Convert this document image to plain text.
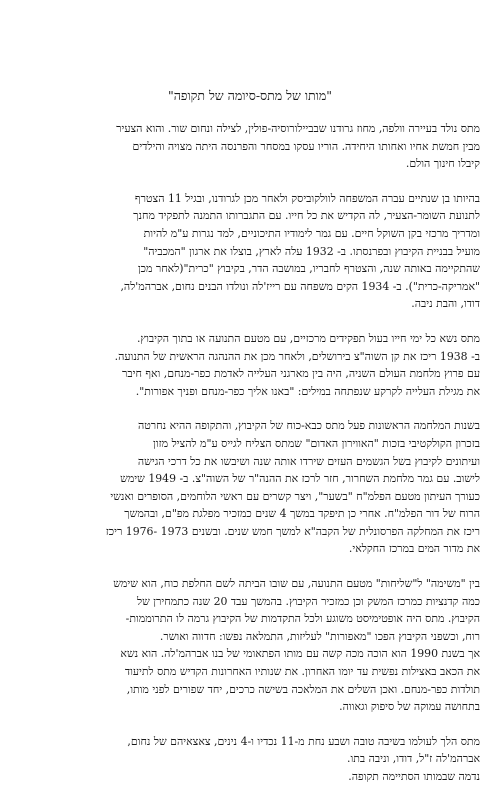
"מותו של מתס-סיומה של תקופה"
מתס נולד בעיירה וולפה, מחוז גרודנו שבביילורוסיה-פולין, לצילה ונחום שור. והוא הצעיר
מבין חמשת אחיו ואחותו היחידה. הוריו עסקו במסחר והפרנסה היתה מצויה והילדים
קיבלו חינוך הולם.
בהיותו בן שנתיים עברה המשפחה לוולקוביסק ולאחר מכן לגרודנו, ובגיל 11 הצטרף
לתנועת השומר-הצעיר, לה הקדיש את כל חייו. עם התגברותו התמנה לתפקיד מחנך
ומדריך מרכזי בקן השוקל חיים. עם גמר לימודיו התיכוניים, למד נגרות ע"מ להיות
מועיל בבניית הקיבוץ ובפרנסתו. ב- 1932 עלה לארץ, בוצלו את ארגון "המכביה"
שהתקיימה באותה שנה, והצטרף לחבריו, במושבה הדר, בקיבוץ "כרית"(לאחר מכן
"אמריקה-כרית"). ב- 1934 הקים משפחה עם רייז'לה ונולדו הבנים נחום, אברהמ'לה,
דודו, והבת ניבה.
מתס נשא כל ימי חייו בעול תפקידים מרכזיים, עם מטעם התנועה או בתוך הקיבוץ.
ב- 1938 ריכז את קן השוה"צ בירושלים, ולאחר מכן את ההנהגה הראשית של התנועה.
עם פרוץ מלחמת העולם השניה, היה בין מארגני העלייה לאדמת כפר-מנחם, ואף חיבר
את מגילת העלייה לקרקע שנפתחה במילים: "באנו אליך כפר-מנחם ופניך אפורות".
בשנות המלחמה הראשונות פעל מתס כבא-כוח של הקיבוץ, והתקופה ההיא נחרטה
בזכרון הקולקטיבי בזכות "האווירון האדום" שמתס הצליח לגייס ע"מ להציל מזון
ועיתונים לקיבוץ בשל הגשמים העזים שירדו אותה שנה ושיבשו את כל דרכי הגישה
לישוב. עם גמר מלחמת השחרור, חזר לרכז את ההנה"ר של השוה"צ. ב- 1949 שימש
כעורך העיתון מטעם הפלמ"ח "בשער", ויצר קשרים עם ראשי הלוחמים, הסופרים ואנשי
הרוח של דור הפלמ"ח. אחרי כן תיפקד במשך 4 שנים כמזכיר מפלגת מפ"ם, ובהמשך
ריכז את המחלקה הפרסונלית של הקבה"א למשך חמש שנים. ובשנים 1973 -1976 ריכז
את מדור המים במרכז החקלאי.
בין "משימה" ל"שליחות" מטעם התנועה, עם שובו הביתה לשם החלפת כוח, הוא שימש
כמה קדנציות כמרכז המשק וכן כמזכיר הקיבוץ. בהמשך עבד 20 שנה כתמחירן של
הקיבוץ. מתס היה אופטימיסט משוגע ולכל התקדמות של הקיבוץ גרמה לו התרוממות-
רוח, וכשפני הקיבוץ הפכו "מאפורות" לעליזות, התמלאה נפשו: חדווה ואושר.
אך בשנת 1990 הוא הוכה מכה קשה עם מותו הפתאומי של בנו אברהמ'לה. הוא נשא
את הכאב באצילות נפשית עד יומו האחרון. את שנותיו האחרונות הקדיש מתס לתיעוד
תולדות כפר-מנחם. ואכן השלים את המלאכה בשישה כרכים, יחד שפורים לפני מותו,
בתחושה עמוקה של סיפוק וגאווה.
מתס הלך לעולמו בשיבה טובה ושבע נחת מ-11 נכדיו ו-4 נינים, צאצאיהם של נחום,
אברהמ'לה ז"ל, דודו, וניבה בתו.
נדמה שבמותו הסתיימה תקופה.
